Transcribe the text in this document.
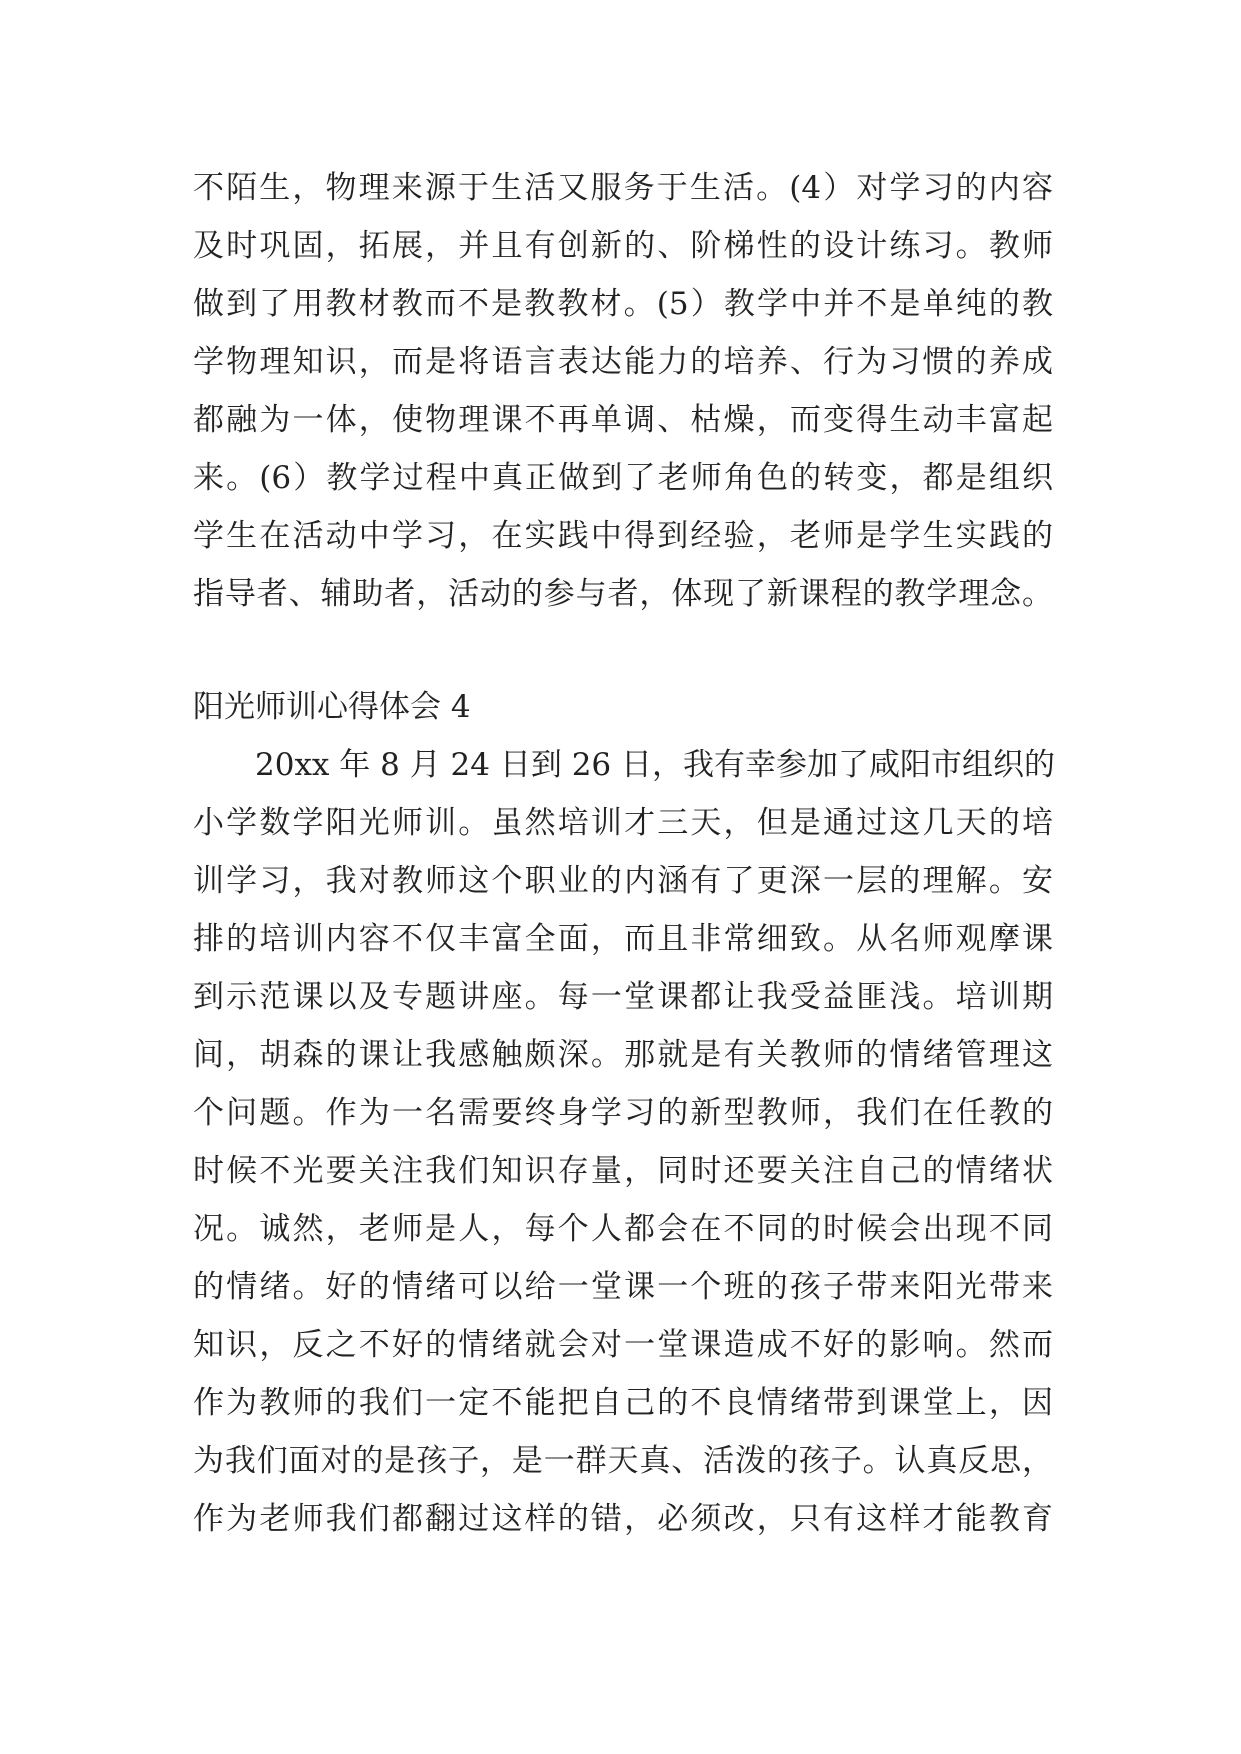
不陌生，物理来源于生活又服务于生活。(4）对学习的内容
及时巩固，拓展，并且有创新的、阶梯性的设计练习。教师
做到了用教材教而不是教教材。(5）教学中并不是单纯的教
学物理知识，而是将语言表达能力的培养、行为习惯的养成
都融为一体，使物理课不再单调、枯燥，而变得生动丰富起
来。(6）教学过程中真正做到了老师角色的转变，都是组织
学生在活动中学习，在实践中得到经验，老师是学生实践的
指导者、辅助者，活动的参与者，体现了新课程的教学理念。
阳光师训心得体会 4
20xx 年 8 月 24 日到 26 日，我有幸参加了咸阳市组织的
小学数学阳光师训。虽然培训才三天，但是通过这几天的培
训学习，我对教师这个职业的内涵有了更深一层的理解。安
排的培训内容不仅丰富全面，而且非常细致。从名师观摩课
到示范课以及专题讲座。每一堂课都让我受益匪浅。培训期
间，胡森的课让我感触颇深。那就是有关教师的情绪管理这
个问题。作为一名需要终身学习的新型教师，我们在任教的
时候不光要关注我们知识存量，同时还要关注自己的情绪状
况。诚然，老师是人，每个人都会在不同的时候会出现不同
的情绪。好的情绪可以给一堂课一个班的孩子带来阳光带来
知识，反之不好的情绪就会对一堂课造成不好的影响。然而
作为教师的我们一定不能把自己的不良情绪带到课堂上，因
为我们面对的是孩子，是一群天真、活泼的孩子。认真反思，
作为老师我们都翻过这样的错，必须改，只有这样才能教育
